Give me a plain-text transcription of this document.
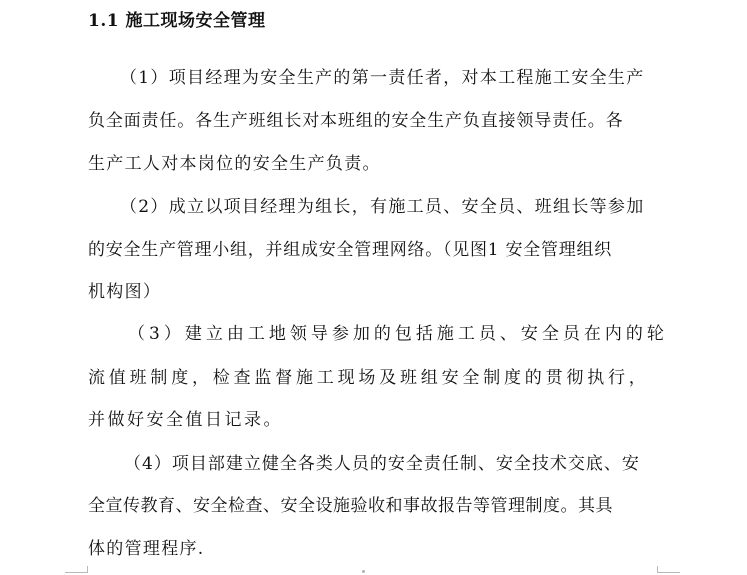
1.1 施工现场安全管理
（1）项目经理为安全生产的第一责任者，对本工程施工安全生产
负全面责任。各生产班组长对本班组的安全生产负直接领导责任。各
生产工人对本岗位的安全生产负责。
（2）成立以项目经理为组长，有施工员、安全员、班组长等参加
的安全生产管理小组，并组成安全管理网络。（见图1 安全管理组织
机构图）
（3）建立由工地领导参加的包括施工员、安全员在内的轮
流值班制度，检查监督施工现场及班组安全制度的贯彻执行，
并做好安全值日记录。
（4）项目部建立健全各类人员的安全责任制、安全技术交底、安
全宣传教育、安全检查、安全设施验收和事故报告等管理制度。其具
体的管理程序.
